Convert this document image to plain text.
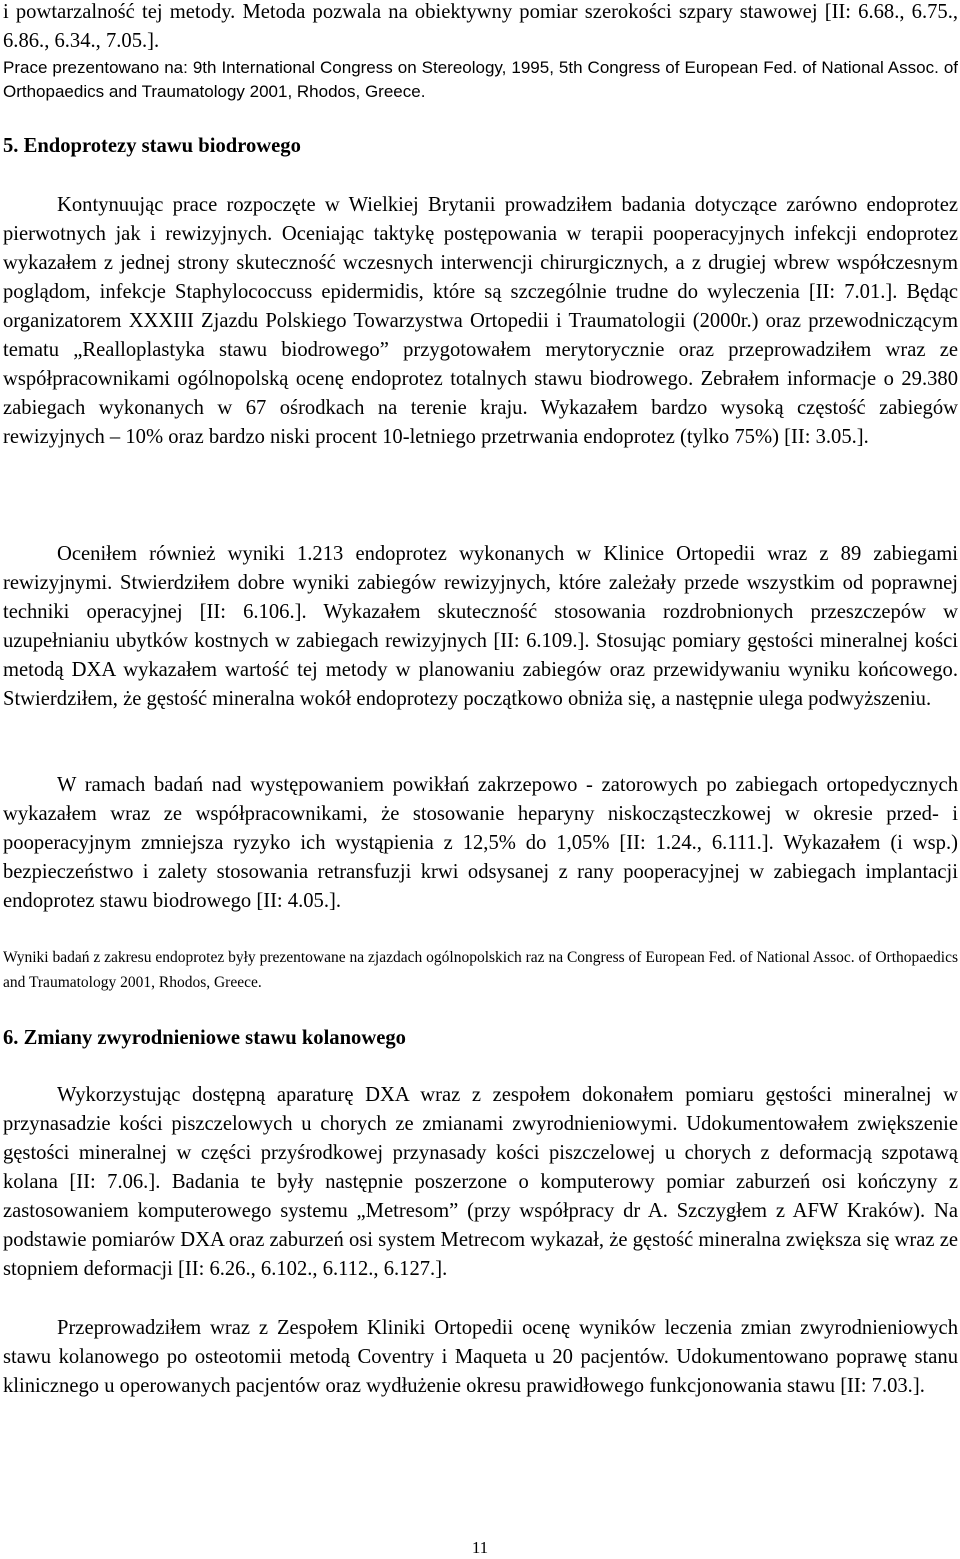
i powtarzalność tej metody. Metoda pozwala na obiektywny pomiar szerokości szpary stawowej [II: 6.68., 6.75., 6.86., 6.34., 7.05.].

Prace prezentowano na: 9th International Congress on Stereology, 1995, 5th Congress of European Fed. of National Assoc. of Orthopaedics and Traumatology 2001, Rhodos, Greece.

5. Endoprotezy stawu biodrowego

Kontynuując prace rozpoczęte w Wielkiej Brytanii prowadziłem badania dotyczące zarówno endoprotez pierwotnych jak i rewizyjnych. Oceniając taktykę postępowania w terapii pooperacyjnych infekcji endoprotez wykazałem z jednej strony skuteczność wczesnych interwencji chirurgicznych, a z drugiej wbrew współczesnym poglądom, infekcje Staphylococcuss epidermidis, które są szczególnie trudne do wyleczenia [II: 7.01.]. Będąc organizatorem XXXIII Zjazdu Polskiego Towarzystwa Ortopedii i Traumatologii (2000r.) oraz przewodniczącym tematu „Realloplastyka stawu biodrowego” przygotowałem merytorycznie oraz przeprowadziłem wraz ze współpracownikami ogólnopolską ocenę endoprotez totalnych stawu biodrowego. Zebrałem informacje o 29.380 zabiegach wykonanych w 67 ośrodkach na terenie kraju. Wykazałem bardzo wysoką częstość zabiegów rewizyjnych – 10% oraz bardzo niski procent 10-letniego przetrwania endoprotez (tylko 75%) [II: 3.05.].

Oceniłem również wyniki 1.213 endoprotez wykonanych w Klinice Ortopedii wraz z 89 zabiegami rewizyjnymi. Stwierdziłem dobre wyniki zabiegów rewizyjnych, które zależały przede wszystkim od poprawnej techniki operacyjnej [II: 6.106.]. Wykazałem skuteczność stosowania rozdrobnionych przeszczepów w uzupełnianiu ubytków kostnych w zabiegach rewizyjnych [II: 6.109.]. Stosując pomiary gęstości mineralnej kości metodą DXA wykazałem wartość tej metody w planowaniu zabiegów oraz przewidywaniu wyniku końcowego. Stwierdziłem, że gęstość mineralna wokół endoprotezy początkowo obniża się, a następnie ulega podwyższeniu.

W ramach badań nad występowaniem powikłań zakrzepowo - zatorowych po zabiegach ortopedycznych wykazałem wraz ze współpracownikami, że stosowanie heparyny niskocząsteczkowej w okresie przed- i pooperacyjnym zmniejsza ryzyko ich wystąpienia z 12,5% do 1,05% [II: 1.24., 6.111.]. Wykazałem (i wsp.) bezpieczeństwo i zalety stosowania retransfuzji krwi odsysanej z rany pooperacyjnej w zabiegach implantacji endoprotez stawu biodrowego [II: 4.05.].

Wyniki badań z zakresu endoprotez były prezentowane na zjazdach ogólnopolskich raz na Congress of European Fed. of National Assoc. of Orthopaedics and Traumatology 2001, Rhodos, Greece.

6. Zmiany zwyrodnieniowe stawu kolanowego

Wykorzystując dostępną aparaturę DXA wraz z zespołem dokonałem pomiaru gęstości mineralnej w przynasadzie kości piszczelowych u chorych ze zmianami zwyrodnieniowymi. Udokumentowałem zwiększenie gęstości mineralnej w części przyśrodkowej przynasady kości piszczelowej u chorych z deformacją szpotawą kolana [II: 7.06.]. Badania te były następnie poszerzone o komputerowy pomiar zaburzeń osi kończyny z zastosowaniem komputerowego systemu „Metresom” (przy współpracy dr A. Szczygłem z AFW Kraków). Na podstawie pomiarów DXA oraz zaburzeń osi system Metrecom wykazał, że gęstość mineralna zwiększa się wraz ze stopniem deformacji [II: 6.26., 6.102., 6.112., 6.127.].

Przeprowadziłem wraz z Zespołem Kliniki Ortopedii ocenę wyników leczenia zmian zwyrodnieniowych stawu kolanowego po osteotomii metodą Coventry i Maqueta u 20 pacjentów. Udokumentowano poprawę stanu klinicznego u operowanych pacjentów oraz wydłużenie okresu prawidłowego funkcjonowania stawu [II: 7.03.].

11
